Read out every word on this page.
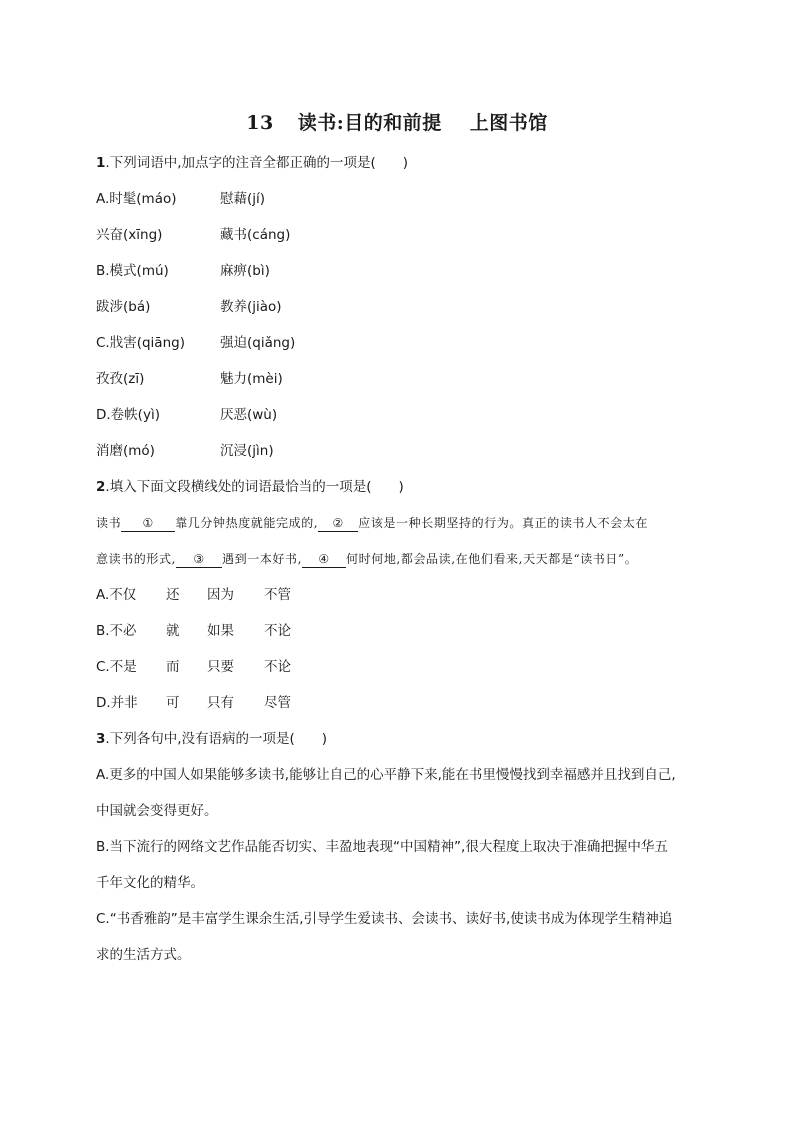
13 读书:目的和前提 上图书馆
1.下列词语中,加点字的注音全都正确的一项是(　　)
A.时髦(máo)	慰藉(jí)
兴奋(xīng)	藏书(cáng)
B.模式(mú)	麻痹(bì)
跋涉(bá)	教养(jiào)
C.戕害(qiāng)	强迫(qiǎng)
孜孜(zī)	魅力(mèi)
D.卷帙(yì)	厌恶(wù)
消磨(mó)	沉浸(jìn)
2.填入下面文段横线处的词语最恰当的一项是(　　)
读书 ① 靠几分钟热度就能完成的, ② 应该是一种长期坚持的行为。真正的读书人不会太在
意读书的形式, ③ 遇到一本好书, ④ 何时何地,都会品读,在他们看来,天天都是“读书日”。
A.不仅 还 因为 不管
B.不必 就 如果 不论
C.不是 而 只要 不论
D.并非 可 只有 尽管
3.下列各句中,没有语病的一项是(　　)
A.更多的中国人如果能够多读书,能够让自己的心平静下来,能在书里慢慢找到幸福感并且找到自己,
中国就会变得更好。
B.当下流行的网络文艺作品能否切实、丰盈地表现“中国精神”,很大程度上取决于准确把握中华五
千年文化的精华。
C.“书香雅韵”是丰富学生课余生活,引导学生爱读书、会读书、读好书,使读书成为体现学生精神追
求的生活方式。
